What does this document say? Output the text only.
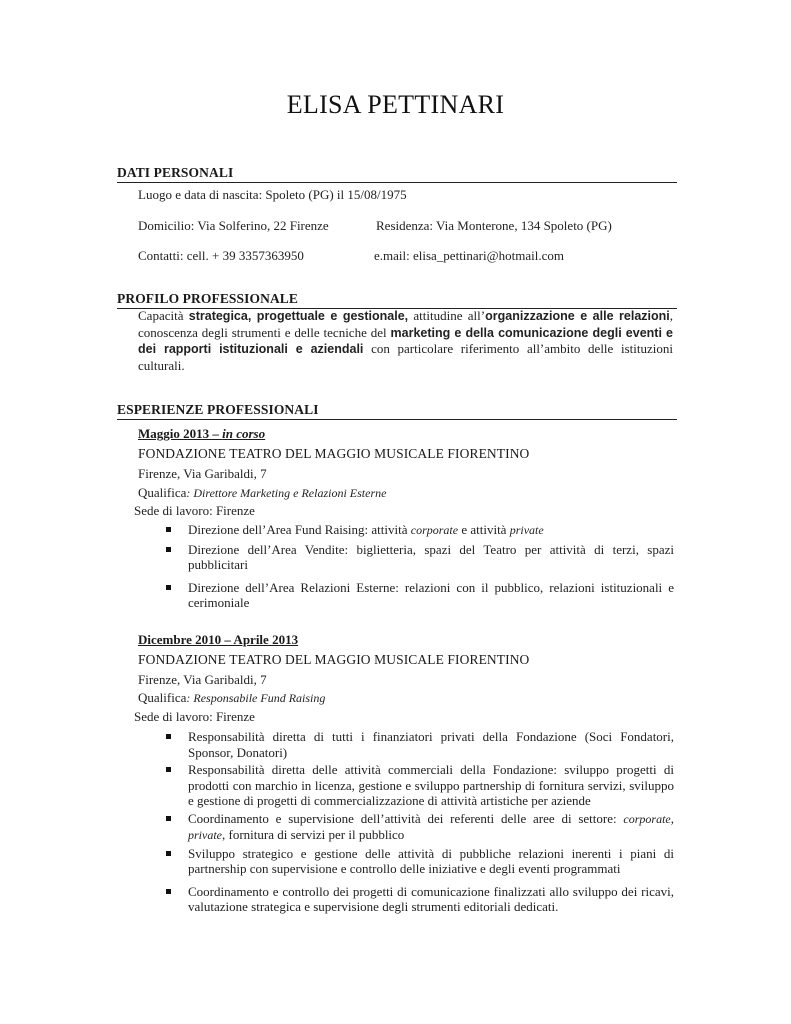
ELISA PETTINARI
DATI PERSONALI
Luogo e data di nascita: Spoleto (PG) il 15/08/1975
Domicilio: Via Solferino, 22 Firenze	Residenza: Via Monterone, 134 Spoleto (PG)
Contatti: cell. + 39 3357363950	e.mail: elisa_pettinari@hotmail.com
PROFILO PROFESSIONALE
Capacità strategica, progettuale e gestionale, attitudine all’organizzazione e alle relazioni, conoscenza degli strumenti e delle tecniche del marketing e della comunicazione degli eventi e dei rapporti istituzionali e aziendali con particolare riferimento all’ambito delle istituzioni culturali.
ESPERIENZE PROFESSIONALI
Maggio 2013 – in corso
FONDAZIONE TEATRO DEL MAGGIO MUSICALE FIORENTINO
Firenze, Via Garibaldi, 7
Qualifica: Direttore Marketing e Relazioni Esterne
Sede di lavoro: Firenze
Direzione dell’Area Fund Raising: attività corporate e attività private
Direzione dell’Area Vendite: biglietteria, spazi del Teatro per attività di terzi, spazi pubblicitari
Direzione dell’Area Relazioni Esterne: relazioni con il pubblico, relazioni istituzionali e cerimoniale
Dicembre 2010 – Aprile 2013
FONDAZIONE TEATRO DEL MAGGIO MUSICALE FIORENTINO
Firenze, Via Garibaldi, 7
Qualifica: Responsabile Fund Raising
Sede di lavoro: Firenze
Responsabilità diretta di tutti i finanziatori privati della Fondazione (Soci Fondatori, Sponsor, Donatori)
Responsabilità diretta delle attività commerciali della Fondazione: sviluppo progetti di prodotti con marchio in licenza, gestione e sviluppo partnership di fornitura servizi, sviluppo e gestione di progetti di commercializzazione di attività artistiche per aziende
Coordinamento e supervisione dell’attività dei referenti delle aree di settore: corporate, private, fornitura di servizi per il pubblico
Sviluppo strategico e gestione delle attività di pubbliche relazioni inerenti i piani di partnership con supervisione e controllo delle iniziative e degli eventi programmati
Coordinamento e controllo dei progetti di comunicazione finalizzati allo sviluppo dei ricavi, valutazione strategica e supervisione degli strumenti editoriali dedicati.
